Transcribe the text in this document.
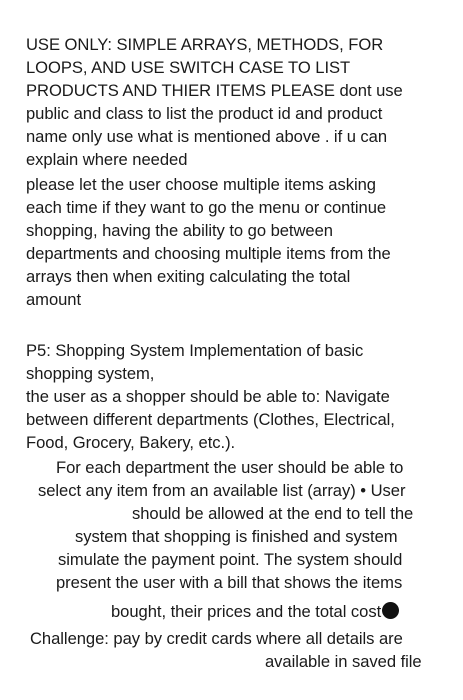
USE ONLY: SIMPLE ARRAYS, METHODS, FOR
LOOPS, AND USE SWITCH CASE TO LIST
PRODUCTS AND THIER ITEMS PLEASE dont use
public and class to list the product id and product
name only use what is mentioned above . if u can
explain where needed
please let the user choose multiple items asking
each time if they want to go the menu or continue
shopping, having the ability to go between
departments and choosing multiple items from the
arrays then when exiting calculating the total
amount
P5: Shopping System Implementation of basic
shopping system,
the user as a shopper should be able to: Navigate
between different departments (Clothes, Electrical,
Food, Grocery, Bakery, etc.).
For each department the user should be able to
select any item from an available list (array) • User
should be allowed at the end to tell the
system that shopping is finished and system
simulate the payment point. The system should
present the user with a bill that shows the items
bought, their prices and the total cost
Challenge: pay by credit cards where all details are
available in saved file
